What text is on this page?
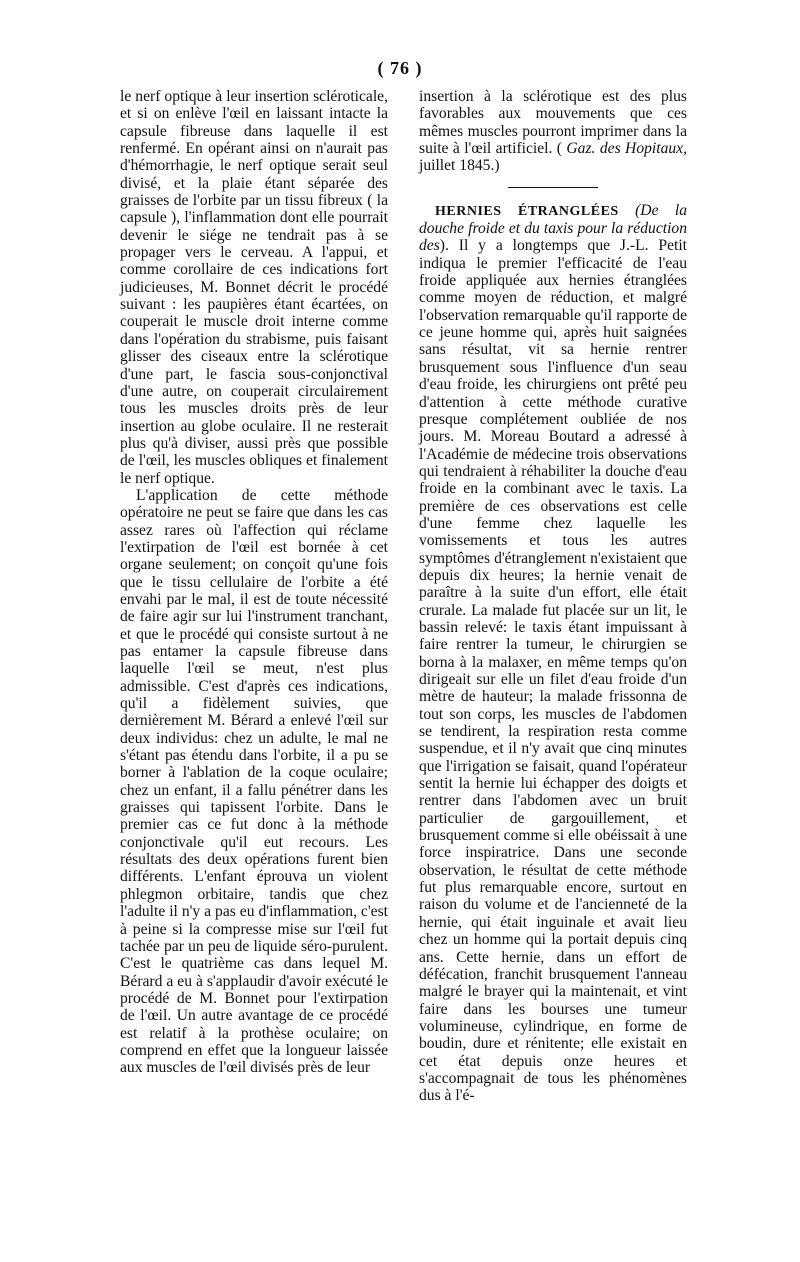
( 76 )

le nerf optique à leur insertion scléroticale, et si on enlève l'œil en laissant intacte la capsule fibreuse dans laquelle il est renfermé. En opérant ainsi on n'aurait pas d'hémorrhagie, le nerf optique serait seul divisé, et la plaie étant séparée des graisses de l'orbite par un tissu fibreux ( la capsule ), l'inflammation dont elle pourrait devenir le siége ne tendrait pas à se propager vers le cerveau. A l'appui, et comme corollaire de ces indications fort judicieuses, M. Bonnet décrit le procédé suivant : les paupières étant écartées, on couperait le muscle droit interne comme dans l'opération du strabisme, puis faisant glisser des ciseaux entre la sclérotique d'une part, le fascia sous-conjonctival d'une autre, on couperait circulairement tous les muscles droits près de leur insertion au globe oculaire. Il ne resterait plus qu'à diviser, aussi près que possible de l'œil, les muscles obliques et finalement le nerf optique.

L'application de cette méthode opératoire ne peut se faire que dans les cas assez rares où l'affection qui réclame l'extirpation de l'œil est bornée à cet organe seulement; on conçoit qu'une fois que le tissu cellulaire de l'orbite a été envahi par le mal, il est de toute nécessité de faire agir sur lui l'instrument tranchant, et que le procédé qui consiste surtout à ne pas entamer la capsule fibreuse dans laquelle l'œil se meut, n'est plus admissible. C'est d'après ces indications, qu'il a fidèlement suivies, que dernièrement M. Bérard a enlevé l'œil sur deux individus: chez un adulte, le mal ne s'étant pas étendu dans l'orbite, il a pu se borner à l'ablation de la coque oculaire; chez un enfant, il a fallu pénétrer dans les graisses qui tapissent l'orbite. Dans le premier cas ce fut donc à la méthode conjonctivale qu'il eut recours. Les résultats des deux opérations furent bien différents. L'enfant éprouva un violent phlegmon orbitaire, tandis que chez l'adulte il n'y a pas eu d'inflammation, c'est à peine si la compresse mise sur l'œil fut tachée par un peu de liquide séro-purulent. C'est le quatrième cas dans lequel M. Bérard a eu à s'applaudir d'avoir exécuté le procédé de M. Bonnet pour l'extirpation de l'œil. Un autre avantage de ce procédé est relatif à la prothèse oculaire; on comprend en effet que la longueur laissée aux muscles de l'œil divisés près de leur

insertion à la sclérotique est des plus favorables aux mouvements que ces mêmes muscles pourront imprimer dans la suite à l'œil artificiel. ( Gaz. des Hopitaux, juillet 1845.)

HERNIES ÉTRANGLÉES (De la douche froide et du taxis pour la réduction des). Il y a longtemps que J.-L. Petit indiqua le premier l'efficacité de l'eau froide appliquée aux hernies étranglées comme moyen de réduction, et malgré l'observation remarquable qu'il rapporte de ce jeune homme qui, après huit saignées sans résultat, vit sa hernie rentrer brusquement sous l'influence d'un seau d'eau froide, les chirurgiens ont prêté peu d'attention à cette méthode curative presque complétement oubliée de nos jours. M. Moreau Boutard a adressé à l'Académie de médecine trois observations qui tendraient à réhabiliter la douche d'eau froide en la combinant avec le taxis. La première de ces observations est celle d'une femme chez laquelle les vomissements et tous les autres symptômes d'étranglement n'existaient que depuis dix heures; la hernie venait de paraître à la suite d'un effort, elle était crurale. La malade fut placée sur un lit, le bassin relevé: le taxis étant impuissant à faire rentrer la tumeur, le chirurgien se borna à la malaxer, en même temps qu'on dirigeait sur elle un filet d'eau froide d'un mètre de hauteur; la malade frissonna de tout son corps, les muscles de l'abdomen se tendirent, la respiration resta comme suspendue, et il n'y avait que cinq minutes que l'irrigation se faisait, quand l'opérateur sentit la hernie lui échapper des doigts et rentrer dans l'abdomen avec un bruit particulier de gargouillement, et brusquement comme si elle obéissait à une force inspiratrice. Dans une seconde observation, le résultat de cette méthode fut plus remarquable encore, surtout en raison du volume et de l'ancienneté de la hernie, qui était inguinale et avait lieu chez un homme qui la portait depuis cinq ans. Cette hernie, dans un effort de défécation, franchit brusquement l'anneau malgré le brayer qui la maintenait, et vint faire dans les bourses une tumeur volumineuse, cylindrique, en forme de boudin, dure et rénitente; elle existait en cet état depuis onze heures et s'accompagnait de tous les phénomènes dus à l'é-
